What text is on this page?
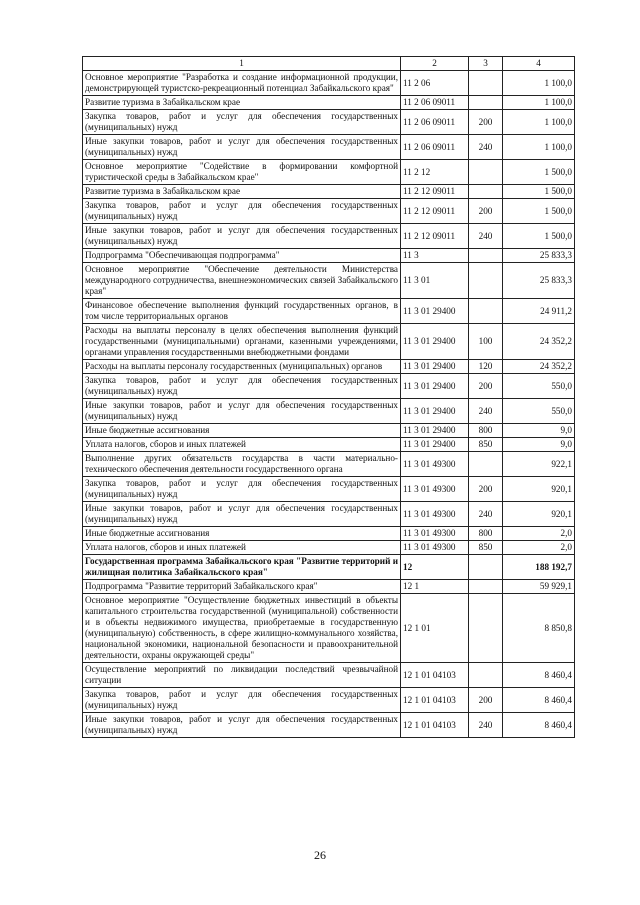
1	2	3	4
Основное мероприятие "Разработка и создание информационной продукции, демонстрирующей туристско-рекреационный потенциал Забайкальского края"	11 2 06		1 100,0
Развитие туризма в Забайкальском крае	11 2 06 09011		1 100,0
Закупка товаров, работ и услуг для обеспечения государственных (муниципальных) нужд	11 2 06 09011	200	1 100,0
Иные закупки товаров, работ и услуг для обеспечения государственных (муниципальных) нужд	11 2 06 09011	240	1 100,0
Основное мероприятие "Содействие в формировании комфортной туристической среды в Забайкальском крае"	11 2 12		1 500,0
Развитие туризма в Забайкальском крае	11 2 12 09011		1 500,0
Закупка товаров, работ и услуг для обеспечения государственных (муниципальных) нужд	11 2 12 09011	200	1 500,0
Иные закупки товаров, работ и услуг для обеспечения государственных (муниципальных) нужд	11 2 12 09011	240	1 500,0
Подпрограмма "Обеспечивающая подпрограмма"	11 3		25 833,3
Основное мероприятие "Обеспечение деятельности Министерства международного сотрудничества, внешнеэкономических связей Забайкальского края"	11 3 01		25 833,3
Финансовое обеспечение выполнения функций государственных органов, в том числе территориальных органов	11 3 01 29400		24 911,2
Расходы на выплаты персоналу в целях обеспечения выполнения функций государственными (муниципальными) органами, казенными учреждениями, органами управления государственными внебюджетными фондами	11 3 01 29400	100	24 352,2
Расходы на выплаты персоналу государственных (муниципальных) органов	11 3 01 29400	120	24 352,2
Закупка товаров, работ и услуг для обеспечения государственных (муниципальных) нужд	11 3 01 29400	200	550,0
Иные закупки товаров, работ и услуг для обеспечения государственных (муниципальных) нужд	11 3 01 29400	240	550,0
Иные бюджетные ассигнования	11 3 01 29400	800	9,0
Уплата налогов, сборов и иных платежей	11 3 01 29400	850	9,0
Выполнение других обязательств государства в части материально-технического обеспечения деятельности государственного органа	11 3 01 49300		922,1
Закупка товаров, работ и услуг для обеспечения государственных (муниципальных) нужд	11 3 01 49300	200	920,1
Иные закупки товаров, работ и услуг для обеспечения государственных (муниципальных) нужд	11 3 01 49300	240	920,1
Иные бюджетные ассигнования	11 3 01 49300	800	2,0
Уплата налогов, сборов и иных платежей	11 3 01 49300	850	2,0
Государственная программа Забайкальского края "Развитие территорий и жилищная политика Забайкальского края"	12		188 192,7
Подпрограмма "Развитие территорий Забайкальского края"	12 1		59 929,1
Основное мероприятие "Осуществление бюджетных инвестиций в объекты капитального строительства государственной (муниципальной) собственности и в объекты недвижимого имущества, приобретаемые в государственную (муниципальную) собственность, в сфере жилищно-коммунального хозяйства, национальной экономики, национальной безопасности и правоохранительной деятельности, охраны окружающей среды"	12 1 01		8 850,8
Осуществление мероприятий по ликвидации последствий чрезвычайной ситуации	12 1 01 04103		8 460,4
Закупка товаров, работ и услуг для обеспечения государственных (муниципальных) нужд	12 1 01 04103	200	8 460,4
Иные закупки товаров, работ и услуг для обеспечения государственных (муниципальных) нужд	12 1 01 04103	240	8 460,4
26
